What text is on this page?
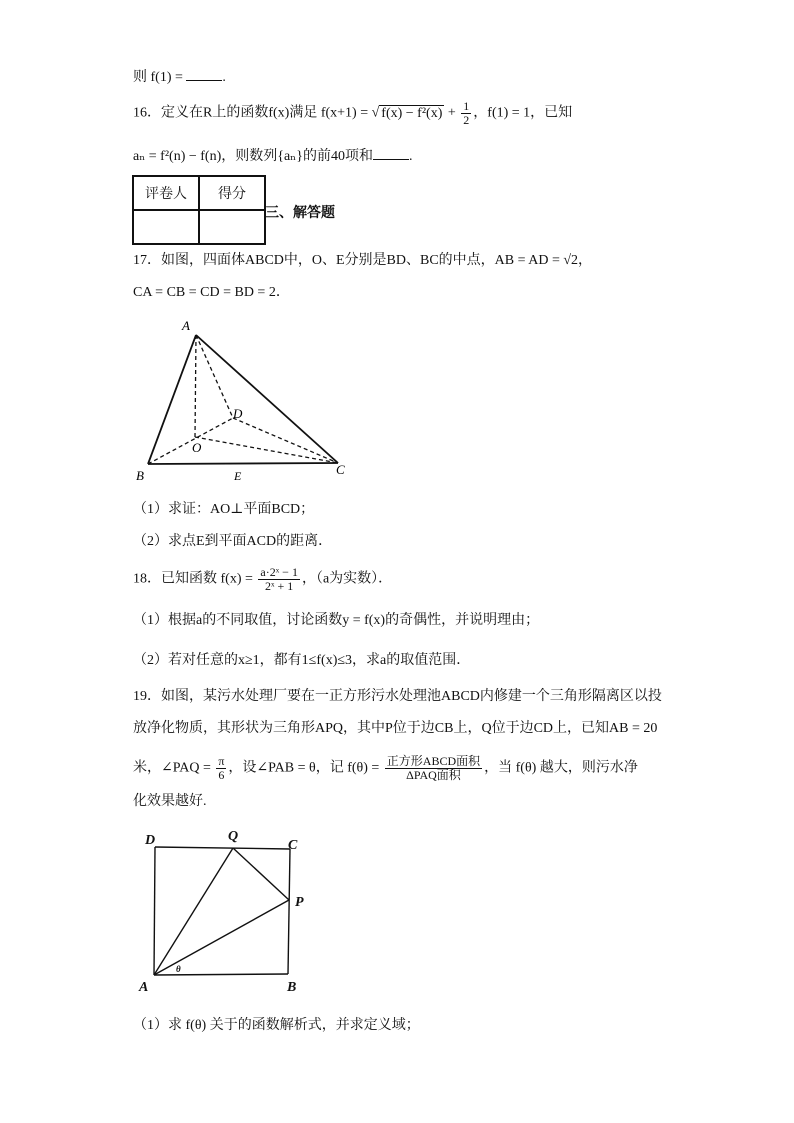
则 f(1) =	.
16．定义在R上的函数f(x)满足 f(x+1) = √ $f(x) - f^2(x) + \frac{1}{2}$ ，f(1) = 1，已知
aₙ = f²(n) − f(n)，则数列{aₙ}的前40项和	.
评卷人	得分

三、解答题
17．如图，四面体ABCD中，O、E分别是BD、BC的中点，AB = AD = √2，
CA = CB = CD = BD = 2．
A
B	C
D
O
E
（1）求证：AO⊥平面BCD；
（2）求点E到平面ACD的距离．
18．已知函数 $f(x) = \frac{\text{a·2ˣ − 1}}{\text{2ˣ + 1}}$ ，（a为实数）．
（1）根据a的不同取值，讨论函数y = f(x)的奇偶性，并说明理由；
（2）若对任意的x≥1，都有1≤f(x)≤3，求a的取值范围．
19．如图，某污水处理厂要在一正方形污水处理池ABCD内修建一个三角形隔离区以投
放净化物质，其形状为三角形APQ，其中P位于边CB上，Q位于边CD上，已知AB = 20
米，∠PAQ = $\frac{\pi}{6}$ ，设∠PAB = θ，记 $f(\theta) = \frac{\text{正方形ABCD面积}}{\text{ΔPAQ面积}}$ ，当 f(θ) 越大，则污水净
化效果越好.
D	Q
C
P
A	B
θ
（1）求 f(θ) 关于的函数解析式，并求定义域；
